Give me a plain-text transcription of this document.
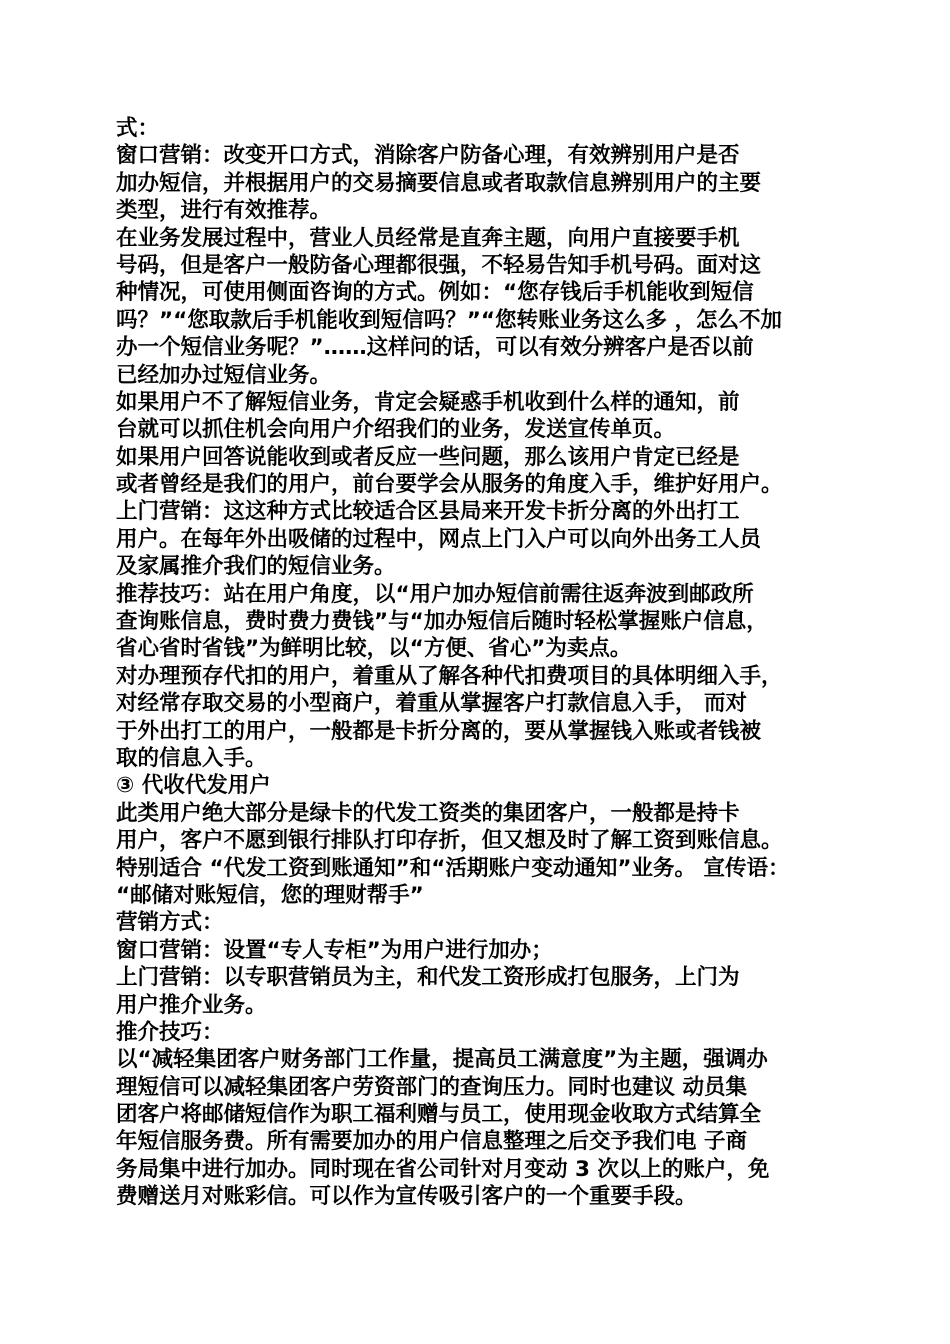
式：
窗口营销：改变开口方式，消除客户防备心理，有效辨别用户是否
加办短信，并根据用户的交易摘要信息或者取款信息辨别用户的主要
类型，进行有效推荐。
在业务发展过程中，营业人员经常是直奔主题，向用户直接要手机
号码，但是客户一般防备心理都很强，不轻易告知手机号码。面对这
种情况，可使用侧面咨询的方式。例如：“您存钱后手机能收到短信
吗？”“您取款后手机能收到短信吗？”“您转账业务这么多 ，怎么不加
办一个短信业务呢？”……这样问的话，可以有效分辨客户是否以前
已经加办过短信业务。
如果用户不了解短信业务，肯定会疑惑手机收到什么样的通知，前
台就可以抓住机会向用户介绍我们的业务，发送宣传单页。
如果用户回答说能收到或者反应一些问题，那么该用户肯定已经是
或者曾经是我们的用户，前台要学会从服务的角度入手，维护好用户。
上门营销：这这种方式比较适合区县局来开发卡折分离的外出打工
用户。在每年外出吸储的过程中，网点上门入户可以向外出务工人员
及家属推介我们的短信业务。
推荐技巧：站在用户角度，以“用户加办短信前需往返奔波到邮政所
查询账信息，费时费力费钱”与“加办短信后随时轻松掌握账户信息，
省心省时省钱”为鲜明比较，以“方便、省心”为卖点。
对办理预存代扣的用户，着重从了解各种代扣费项目的具体明细入手，
对经常存取交易的小型商户，着重从掌握客户打款信息入手， 而对
于外出打工的用户，一般都是卡折分离的，要从掌握钱入账或者钱被
取的信息入手。
③ 代收代发用户
此类用户绝大部分是绿卡的代发工资类的集团客户，一般都是持卡
用户，客户不愿到银行排队打印存折，但又想及时了解工资到账信息。
特别适合 “代发工资到账通知”和“活期账户变动通知”业务。 宣传语：
“邮储对账短信，您的理财帮手”
营销方式：
窗口营销：设置“专人专柜”为用户进行加办；
上门营销：以专职营销员为主，和代发工资形成打包服务，上门为
用户推介业务。
推介技巧：
以“减轻集团客户财务部门工作量，提高员工满意度”为主题，强调办
理短信可以减轻集团客户劳资部门的查询压力。同时也建议 动员集
团客户将邮储短信作为职工福利赠与员工，使用现金收取方式结算全
年短信服务费。所有需要加办的用户信息整理之后交予我们电 子商
务局集中进行加办。同时现在省公司针对月变动 3 次以上的账户，免
费赠送月对账彩信。可以作为宣传吸引客户的一个重要手段。
